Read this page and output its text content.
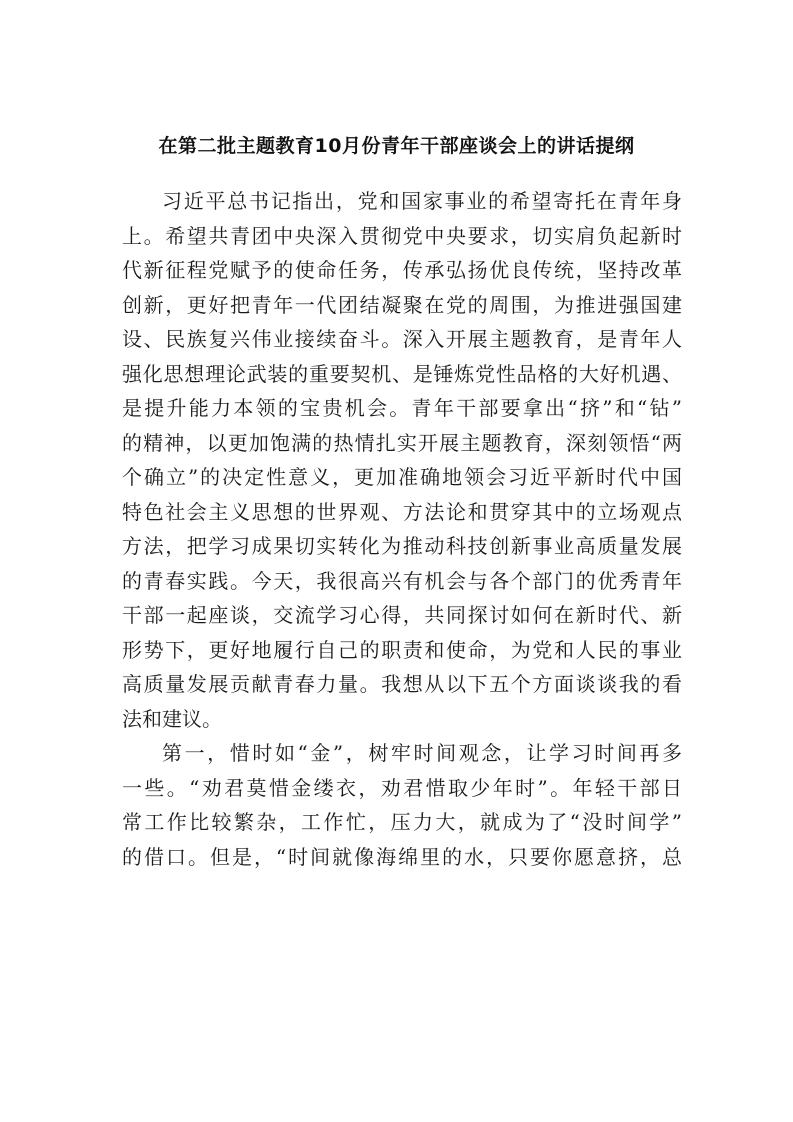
在第二批主题教育10月份青年干部座谈会上的讲话提纲
习近平总书记指出，党和国家事业的希望寄托在青年身
上。希望共青团中央深入贯彻党中央要求，切实肩负起新时
代新征程党赋予的使命任务，传承弘扬优良传统，坚持改革
创新，更好把青年一代团结凝聚在党的周围，为推进强国建
设、民族复兴伟业接续奋斗。深入开展主题教育，是青年人
强化思想理论武装的重要契机、是锤炼党性品格的大好机遇、
是提升能力本领的宝贵机会。青年干部要拿出“挤”和“钻”
的精神，以更加饱满的热情扎实开展主题教育，深刻领悟“两
个确立”的决定性意义，更加准确地领会习近平新时代中国
特色社会主义思想的世界观、方法论和贯穿其中的立场观点
方法，把学习成果切实转化为推动科技创新事业高质量发展
的青春实践。今天，我很高兴有机会与各个部门的优秀青年
干部一起座谈，交流学习心得，共同探讨如何在新时代、新
形势下，更好地履行自己的职责和使命，为党和人民的事业
高质量发展贡献青春力量。我想从以下五个方面谈谈我的看
法和建议。
第一，惜时如“金”，树牢时间观念，让学习时间再多
一些。“劝君莫惜金缕衣，劝君惜取少年时”。年轻干部日
常工作比较繁杂，工作忙，压力大，就成为了“没时间学”
的借口。但是，“时间就像海绵里的水，只要你愿意挤，总
